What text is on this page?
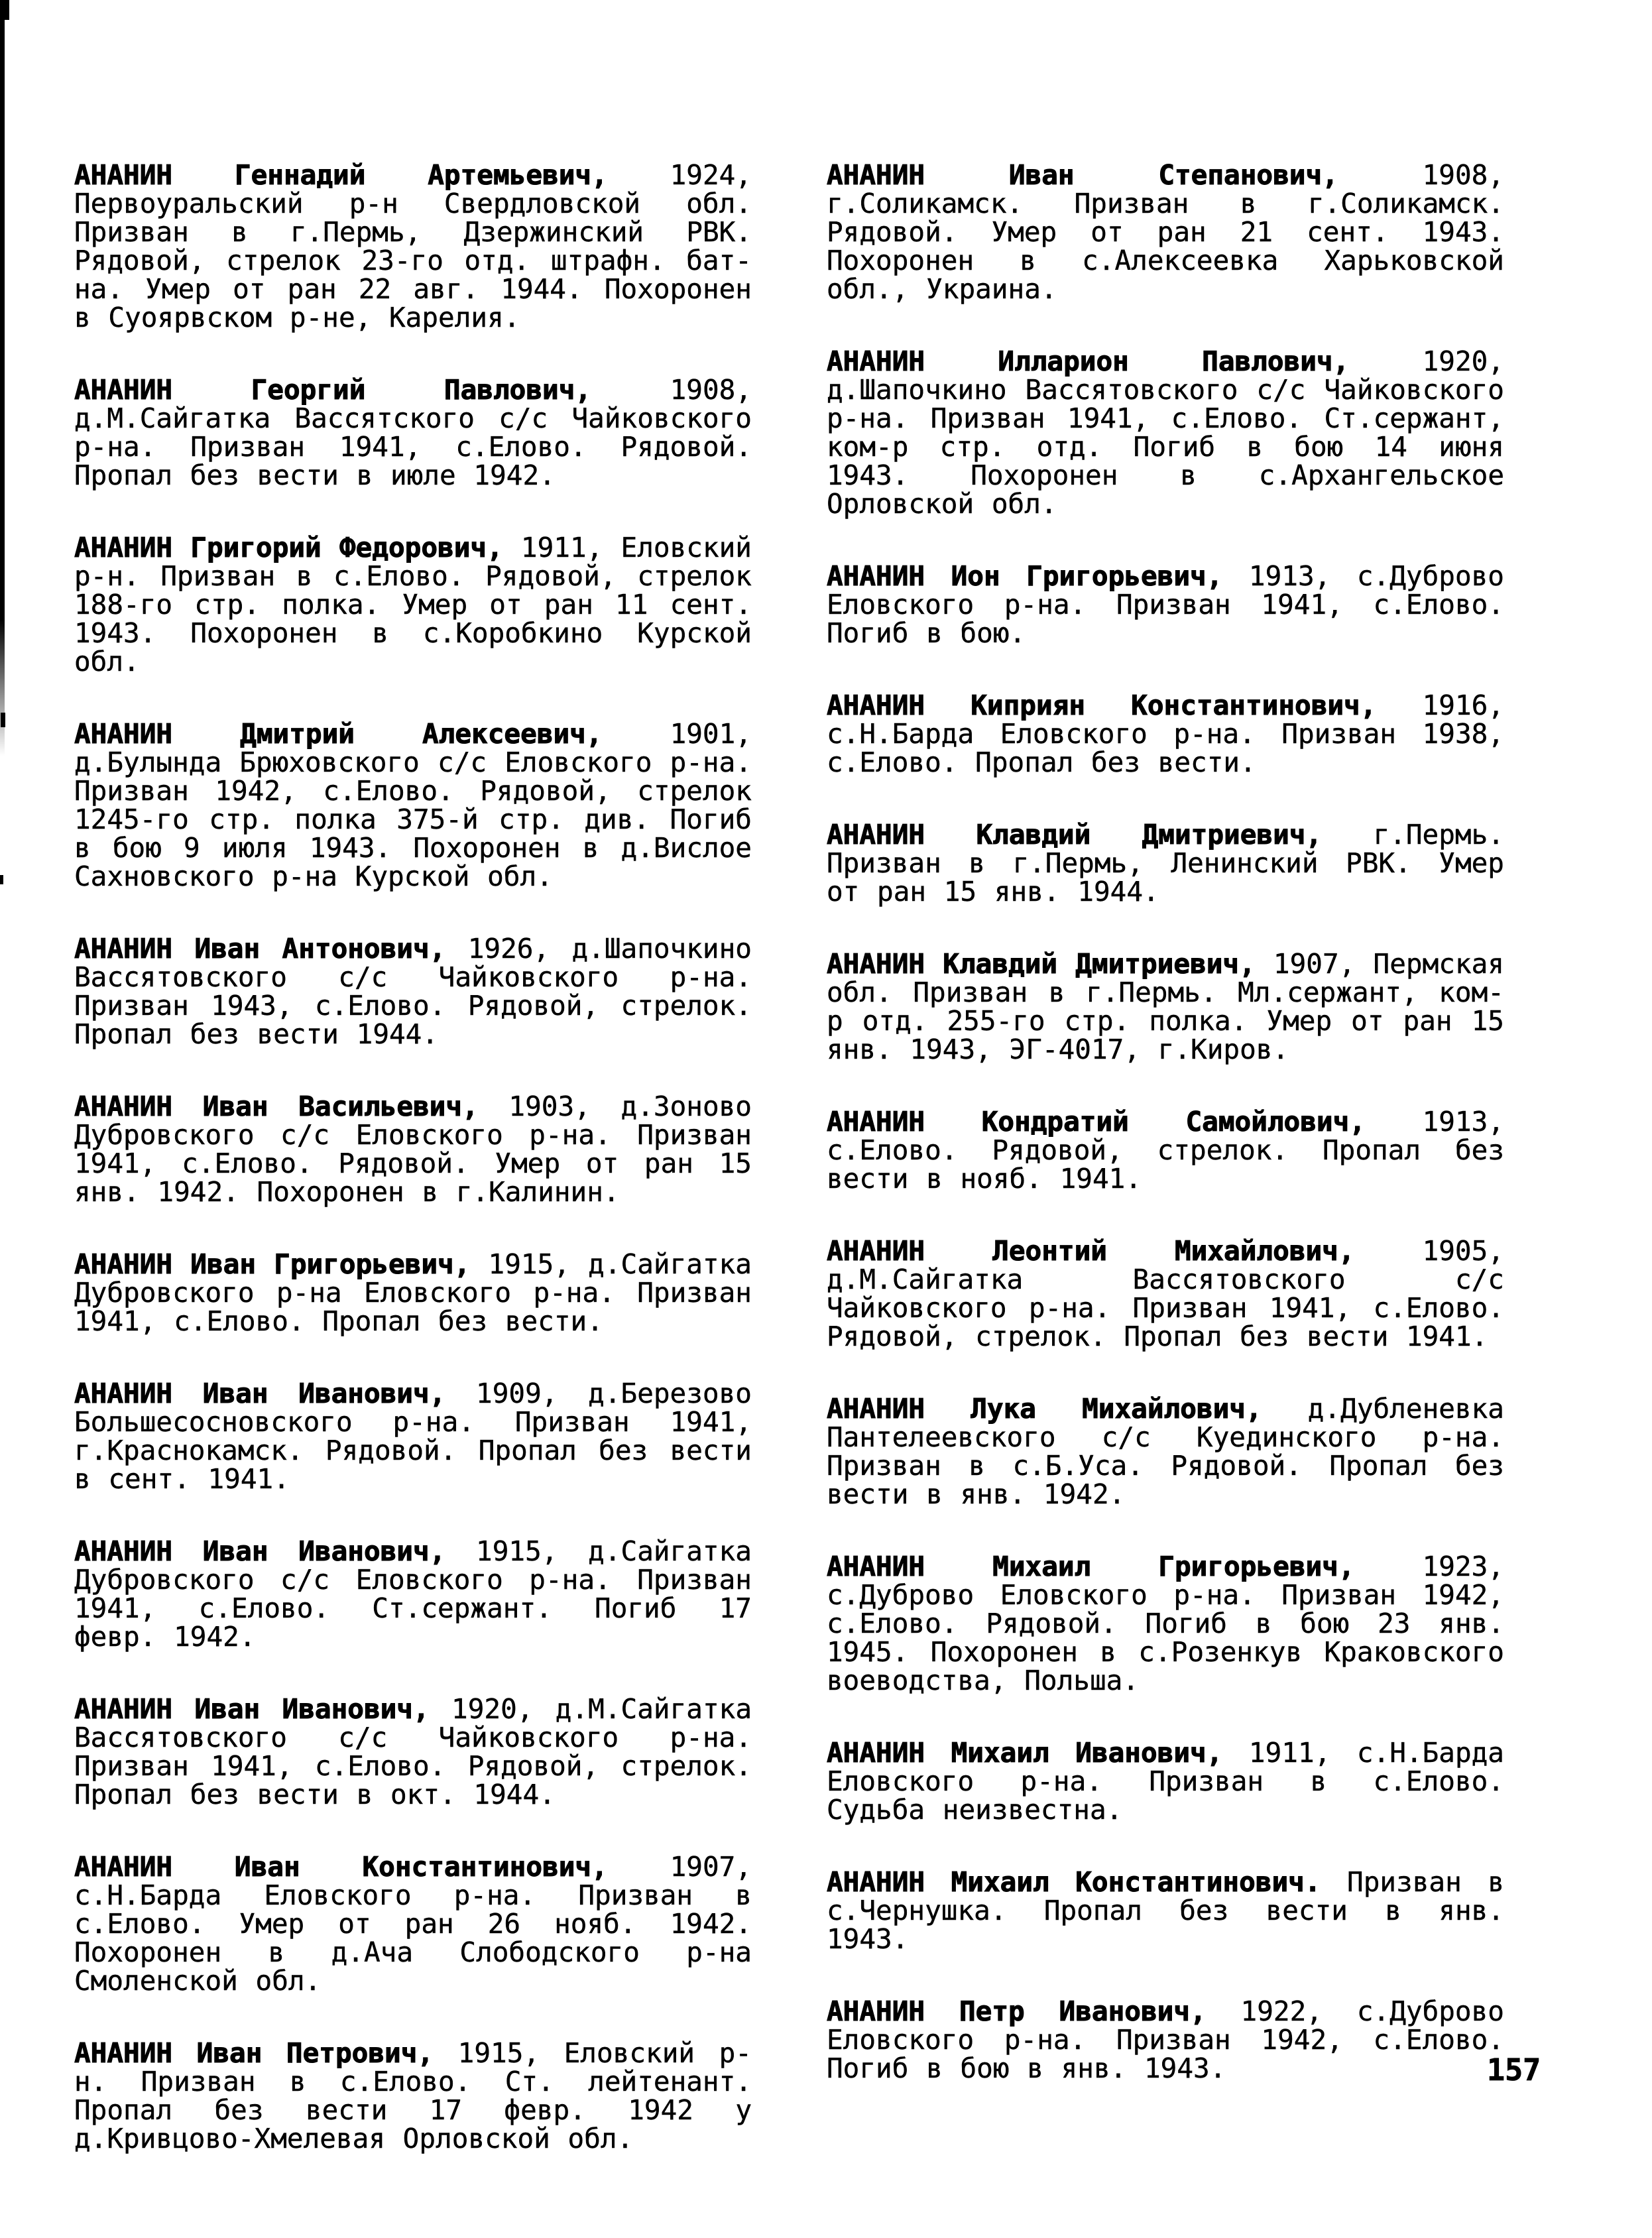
АНАНИН Геннадий Артемьевич, 1924, Первоуральский р-н Свердловской обл. Призван в г.Пермь, Дзержинский РВК. Рядовой, стрелок 23-го отд. штрафн. бат-на. Умер от ран 22 авг. 1944. Похоронен в Суоярвском р-не, Карелия.

АНАНИН Георгий Павлович, 1908, д.М.Сайгатка Вассятского с/с Чайковского р-на. Призван 1941, с.Елово. Рядовой. Пропал без вести в июле 1942.

АНАНИН Григорий Федорович, 1911, Еловский р-н. Призван в с.Елово. Рядовой, стрелок 188-го стр. полка. Умер от ран 11 сент. 1943. Похоронен в с.Коробкино Курской обл.

АНАНИН Дмитрий Алексеевич, 1901, д.Булында Брюховского с/с Еловского р-на. Призван 1942, с.Елово. Рядовой, стрелок 1245-го стр. полка 375-й стр. див. Погиб в бою 9 июля 1943. Похоронен в д.Вислое Сахновского р-на Курской обл.

АНАНИН Иван Антонович, 1926, д.Шапочкино Вассятовского с/с Чайковского р-на. Призван 1943, с.Елово. Рядовой, стрелок. Пропал без вести 1944.

АНАНИН Иван Васильевич, 1903, д.Зоново Дубровского с/с Еловского р-на. Призван 1941, с.Елово. Рядовой. Умер от ран 15 янв. 1942. Похоронен в г.Калинин.

АНАНИН Иван Григорьевич, 1915, д.Сайгатка Дубровского р-на Еловского р-на. Призван 1941, с.Елово. Пропал без вести.

АНАНИН Иван Иванович, 1909, д.Березово Большесосновского р-на. Призван 1941, г.Краснокамск. Рядовой. Пропал без вести в сент. 1941.

АНАНИН Иван Иванович, 1915, д.Сайгатка Дубровского с/с Еловского р-на. Призван 1941, с.Елово. Ст.сержант. Погиб 17 февр. 1942.

АНАНИН Иван Иванович, 1920, д.М.Сайгатка Вассятовского с/с Чайковского р-на. Призван 1941, с.Елово. Рядовой, стрелок. Пропал без вести в окт. 1944.

АНАНИН Иван Константинович, 1907, с.Н.Барда Еловского р-на. Призван в с.Елово. Умер от ран 26 нояб. 1942. Похоронен в д.Ача Слободского р-на Смоленской обл.

АНАНИН Иван Петрович, 1915, Еловский р-н. Призван в с.Елово. Ст. лейтенант. Пропал без вести 17 февр. 1942 у д.Кривцово-Хмелевая Орловской обл.

АНАНИН Иван Степанович, 1908, г.Соликамск. Призван в г.Соликамск. Рядовой. Умер от ран 21 сент. 1943. Похоронен в с.Алексеевка Харьковской обл., Украина.

АНАНИН Илларион Павлович, 1920, д.Шапочкино Вассятовского с/с Чайковского р-на. Призван 1941, с.Елово. Ст.сержант, ком-р стр. отд. Погиб в бою 14 июня 1943. Похоронен в с.Архангельское Орловской обл.

АНАНИН Ион Григорьевич, 1913, с.Дуброво Еловского р-на. Призван 1941, с.Елово. Погиб в бою.

АНАНИН Киприян Константинович, 1916, с.Н.Барда Еловского р-на. Призван 1938, с.Елово. Пропал без вести.

АНАНИН Клавдий Дмитриевич, г.Пермь. Призван в г.Пермь, Ленинский РВК. Умер от ран 15 янв. 1944.

АНАНИН Клавдий Дмитриевич, 1907, Пермская обл. Призван в г.Пермь. Мл.сержант, ком-р отд. 255-го стр. полка. Умер от ран 15 янв. 1943, ЭГ-4017, г.Киров.

АНАНИН Кондратий Самойлович, 1913, с.Елово. Рядовой, стрелок. Пропал без вести в нояб. 1941.

АНАНИН Леонтий Михайлович, 1905, д.М.Сайгатка Вассятовского с/с Чайковского р-на. Призван 1941, с.Елово. Рядовой, стрелок. Пропал без вести 1941.

АНАНИН Лука Михайлович, д.Дубленевка Пантелеевского с/с Куединского р-на. Призван в с.Б.Уса. Рядовой. Пропал без вести в янв. 1942.

АНАНИН Михаил Григорьевич, 1923, с.Дуброво Еловского р-на. Призван 1942, с.Елово. Рядовой. Погиб в бою 23 янв. 1945. Похоронен в с.Розенкув Краковского воеводства, Польша.

АНАНИН Михаил Иванович, 1911, с.Н.Барда Еловского р-на. Призван в с.Елово. Судьба неизвестна.

АНАНИН Михаил Константинович. Призван в с.Чернушка. Пропал без вести в янв. 1943.

АНАНИН Петр Иванович, 1922, с.Дуброво Еловского р-на. Призван 1942, с.Елово. Погиб в бою в янв. 1943.	157
